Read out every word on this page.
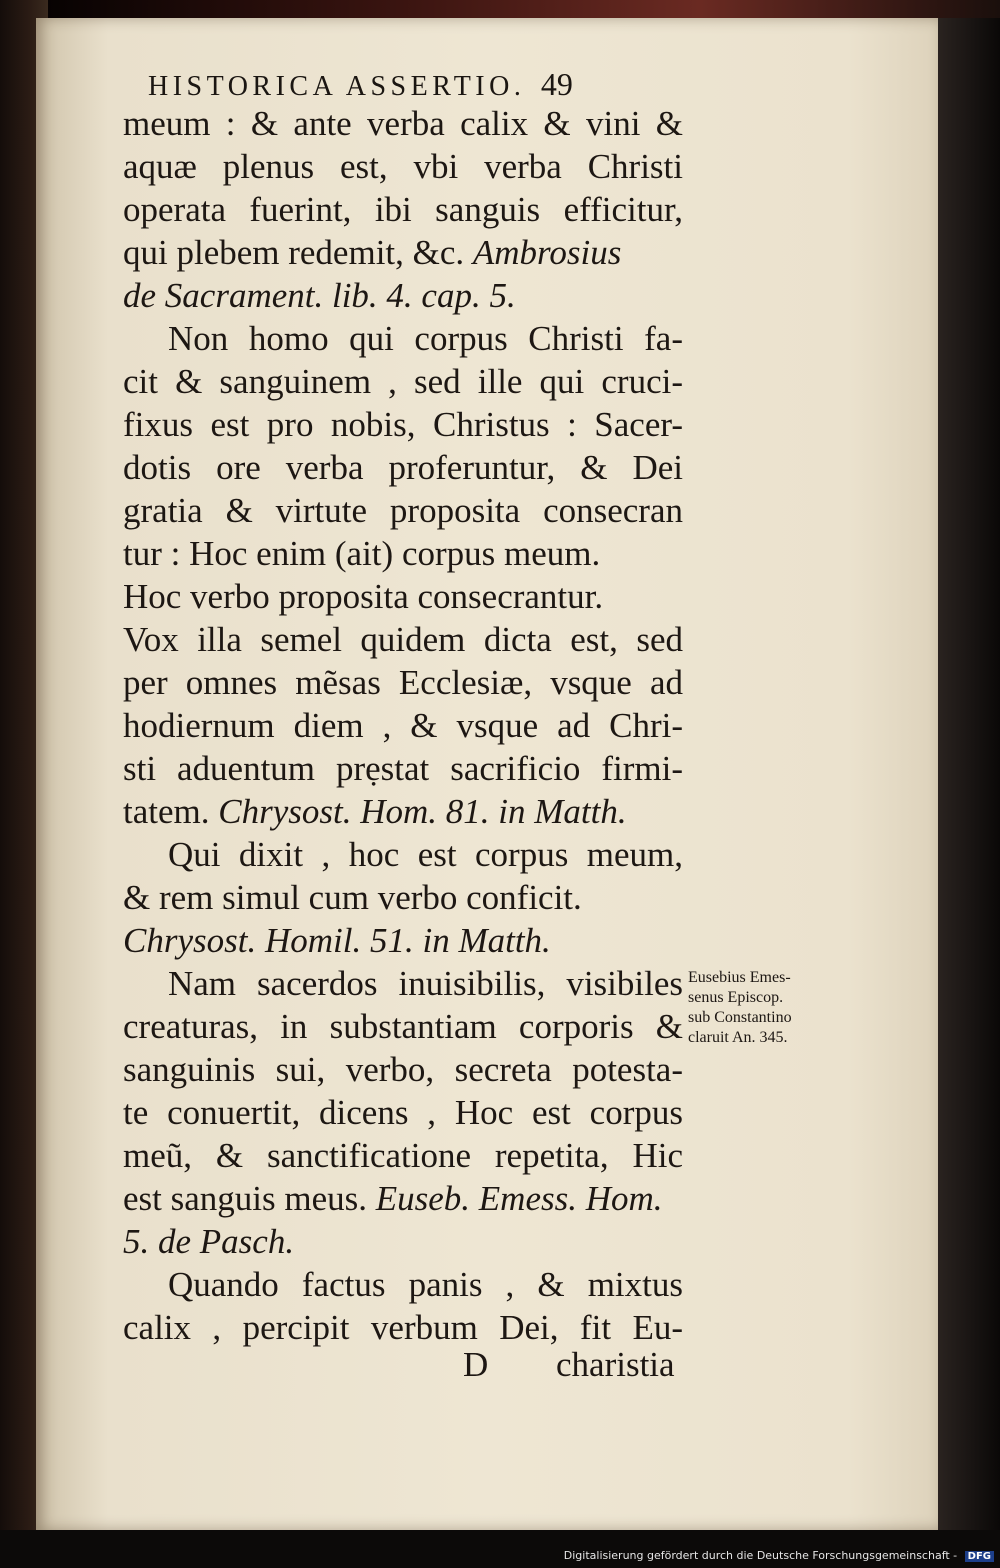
HISTORICA ASSERTIO. 49
meum : & ante verba calix & vini &
aquæ plenus est, vbi verba Christi
operata fuerint, ibi sanguis efficitur,
qui plebem redemit, &c. Ambrosius
de Sacrament. lib. 4. cap. 5.
Non homo qui corpus Christi fa-
cit & sanguinem , sed ille qui cruci-
fixus est pro nobis, Christus : Sacer-
dotis ore verba proferuntur, & Dei
gratia & virtute proposita consecran
tur : Hoc enim (ait) corpus meum.
Hoc verbo proposita consecrantur.
Vox illa semel quidem dicta est, sed
per omnes mẽsas Ecclesiæ, vsque ad
hodiernum diem , & vsque ad Chri-
sti aduentum prẹstat sacrificio firmi-
tatem. Chrysost. Hom. 81. in Matth.
Qui dixit , hoc est corpus meum,
& rem simul cum verbo conficit.
Chrysost. Homil. 51. in Matth.
Nam sacerdos inuisibilis, visibiles
creaturas, in substantiam corporis &
sanguinis sui, verbo, secreta potesta-
te conuertit, dicens , Hoc est corpus
meũ, & sanctificatione repetita, Hic
est sanguis meus. Euseb. Emess. Hom.
5. de Pasch.
Quando factus panis , & mixtus
calix , percipit verbum Dei, fit Eu-
D charistia
Eusebius Emes-
senus Episcop.
sub Constantino
claruit An. 345.
Digitalisierung gefördert durch die Deutsche Forschungsgemeinschaft - DFG
